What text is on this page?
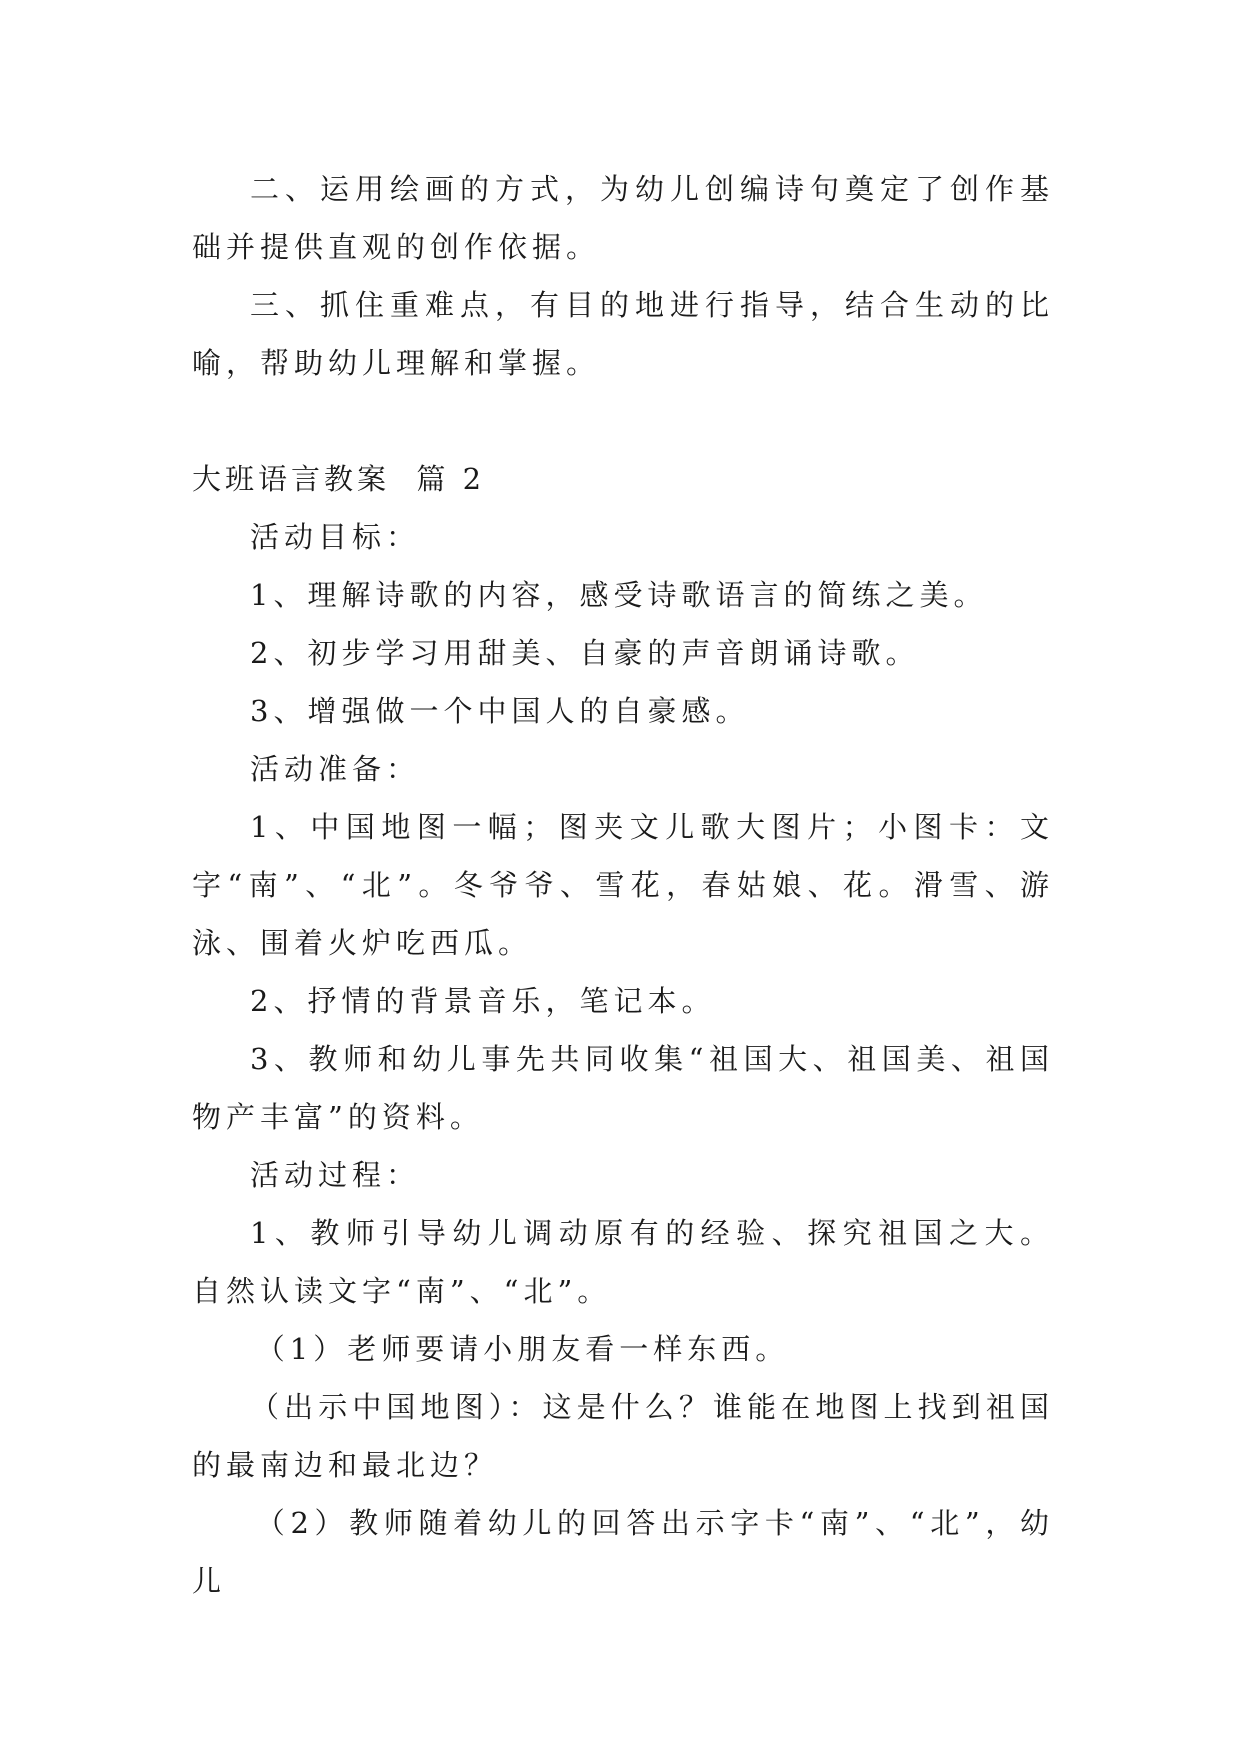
二、运用绘画的方式，为幼儿创编诗句奠定了创作基础并提供直观的创作依据。

三、抓住重难点，有目的地进行指导，结合生动的比喻，帮助幼儿理解和掌握。

大班语言教案  篇 2

活动目标：

1、理解诗歌的内容，感受诗歌语言的简练之美。

2、初步学习用甜美、自豪的声音朗诵诗歌。

3、增强做一个中国人的自豪感。

活动准备：

1、中国地图一幅；图夹文儿歌大图片；小图卡：文字“南”、“北”。冬爷爷、雪花，春姑娘、花。滑雪、游泳、围着火炉吃西瓜。

2、抒情的背景音乐，笔记本。

3、教师和幼儿事先共同收集“祖国大、祖国美、祖国物产丰富”的资料。

活动过程：

1、教师引导幼儿调动原有的经验、探究祖国之大。自然认读文字“南”、“北”。

（1）老师要请小朋友看一样东西。

（出示中国地图）：这是什么？谁能在地图上找到祖国的最南边和最北边？

（2）教师随着幼儿的回答出示字卡“南”、“北”，幼儿
